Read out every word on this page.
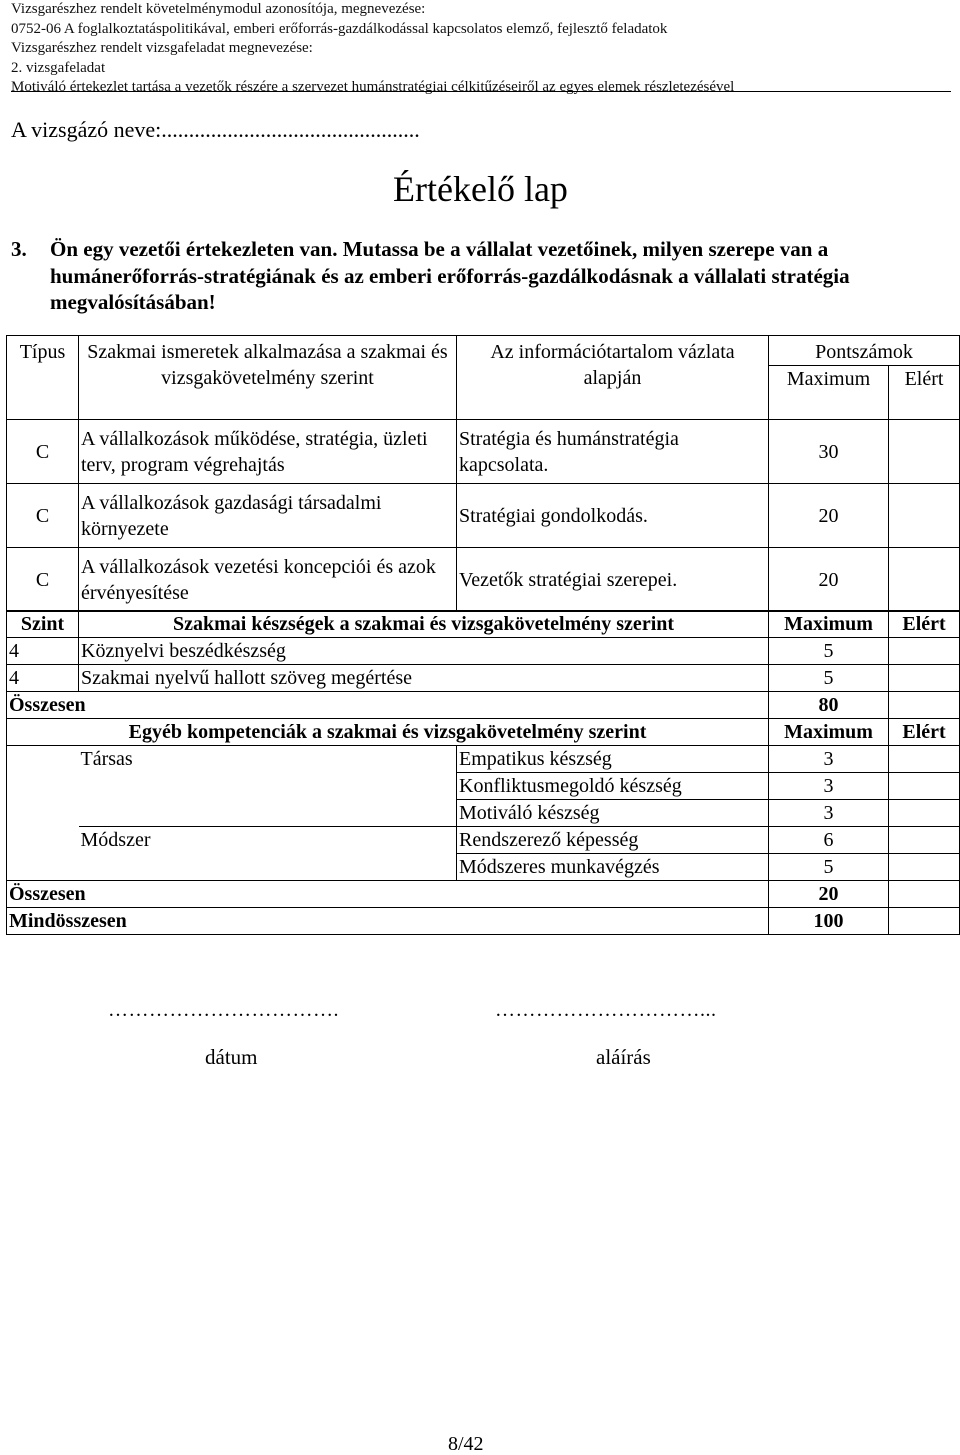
Vizsgarészhez rendelt követelménymodul azonosítója, megnevezése:
0752-06 A foglalkoztatáspolitikával, emberi erőforrás-gazdálkodással kapcsolatos elemző, fejlesztő feladatok
Vizsgarészhez rendelt vizsgafeladat megnevezése:
2. vizsgafeladat
Motiváló értekezlet tartása a vezetők részére a szervezet humánstratégiai célkitűzéseiről az egyes elemek részletezésével
A vizsgázó neve:...............................................
Értékelő lap
3.	Ön egy vezetői értekezleten van. Mutassa be a vállalat vezetőinek, milyen szerepe van a humánerőforrás-stratégiának és az emberi erőforrás-gazdálkodásnak a vállalati stratégia megvalósításában!
Típus	Szakmai ismeretek alkalmazása a szakmai és vizsgakövetelmény szerint	Az információtartalom vázlata alapján	Pontszámok	
			Maximum	Elért
C	A vállalkozások működése, stratégia, üzleti terv, program végrehajtás	Stratégia és humánstratégia kapcsolata.	30	
C	A vállalkozások gazdasági társadalmi környezete	Stratégiai gondolkodás.	20	
C	A vállalkozások vezetési koncepciói és azok érvényesítése	Vezetők stratégiai szerepei.	20	
Szint	Szakmai készségek a szakmai és vizsgakövetelmény szerint		Maximum	Elért
4	Köznyelvi beszédkészség		5	
4	Szakmai nyelvű hallott szöveg megértése		5	
Összesen			80	
Egyéb kompetenciák a szakmai és vizsgakövetelmény szerint			Maximum	Elért
	Társas	Empatikus készség	3	
		Konfliktusmegoldó készség	3	
		Motiváló készség	3	
	Módszer	Rendszerező képesség	6	
		Módszeres munkavégzés	5	
Összesen			20	
Mindösszesen			100	
…………………………….	…………………………...
dátum	aláírás
8/42
